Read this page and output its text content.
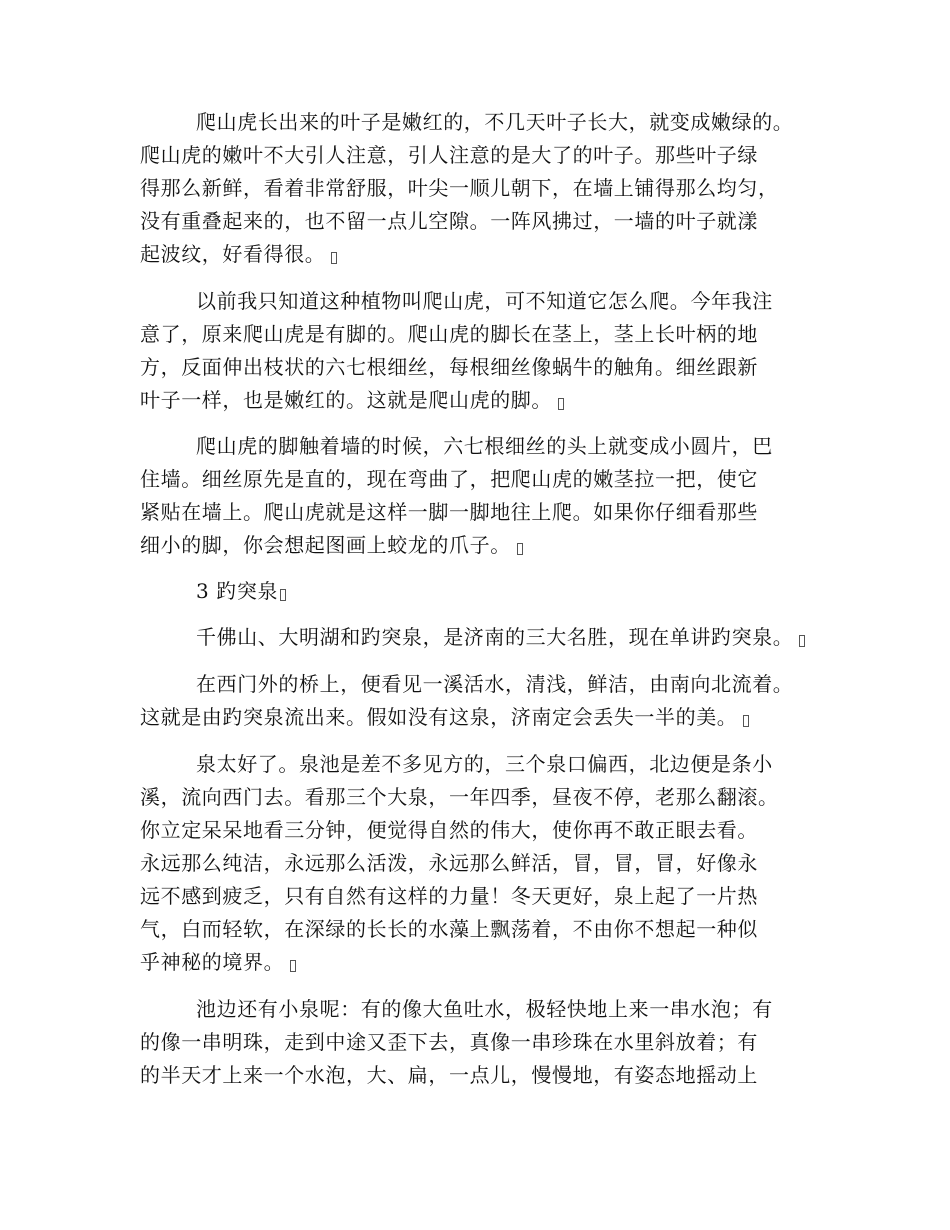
爬山虎长出来的叶子是嫩红的，不几天叶子长大，就变成嫩绿的。
爬山虎的嫩叶不大引人注意，引人注意的是大了的叶子。那些叶子绿
得那么新鲜，看着非常舒服，叶尖一顺儿朝下，在墙上铺得那么均匀，
没有重叠起来的，也不留一点儿空隙。一阵风拂过，一墙的叶子就漾
起波纹，好看得很。
以前我只知道这种植物叫爬山虎，可不知道它怎么爬。今年我注
意了，原来爬山虎是有脚的。爬山虎的脚长在茎上，茎上长叶柄的地
方，反面伸出枝状的六七根细丝，每根细丝像蜗牛的触角。细丝跟新
叶子一样，也是嫩红的。这就是爬山虎的脚。
爬山虎的脚触着墙的时候，六七根细丝的头上就变成小圆片，巴
住墙。细丝原先是直的，现在弯曲了，把爬山虎的嫩茎拉一把，使它
紧贴在墙上。爬山虎就是这样一脚一脚地往上爬。如果你仔细看那些
细小的脚，你会想起图画上蛟龙的爪子。
3 趵突泉
千佛山、大明湖和趵突泉，是济南的三大名胜，现在单讲趵突泉。
在西门外的桥上，便看见一溪活水，清浅，鲜洁，由南向北流着。
这就是由趵突泉流出来。假如没有这泉，济南定会丢失一半的美。
泉太好了。泉池是差不多见方的，三个泉口偏西，北边便是条小
溪，流向西门去。看那三个大泉，一年四季，昼夜不停，老那么翻滚。
你立定呆呆地看三分钟，便觉得自然的伟大，使你再不敢正眼去看。
永远那么纯洁，永远那么活泼，永远那么鲜活，冒，冒，冒，好像永
远不感到疲乏，只有自然有这样的力量！冬天更好，泉上起了一片热
气，白而轻软，在深绿的长长的水藻上飘荡着，不由你不想起一种似
乎神秘的境界。
池边还有小泉呢：有的像大鱼吐水，极轻快地上来一串水泡；有
的像一串明珠，走到中途又歪下去，真像一串珍珠在水里斜放着；有
的半天才上来一个水泡，大、扁，一点儿，慢慢地，有姿态地摇动上
